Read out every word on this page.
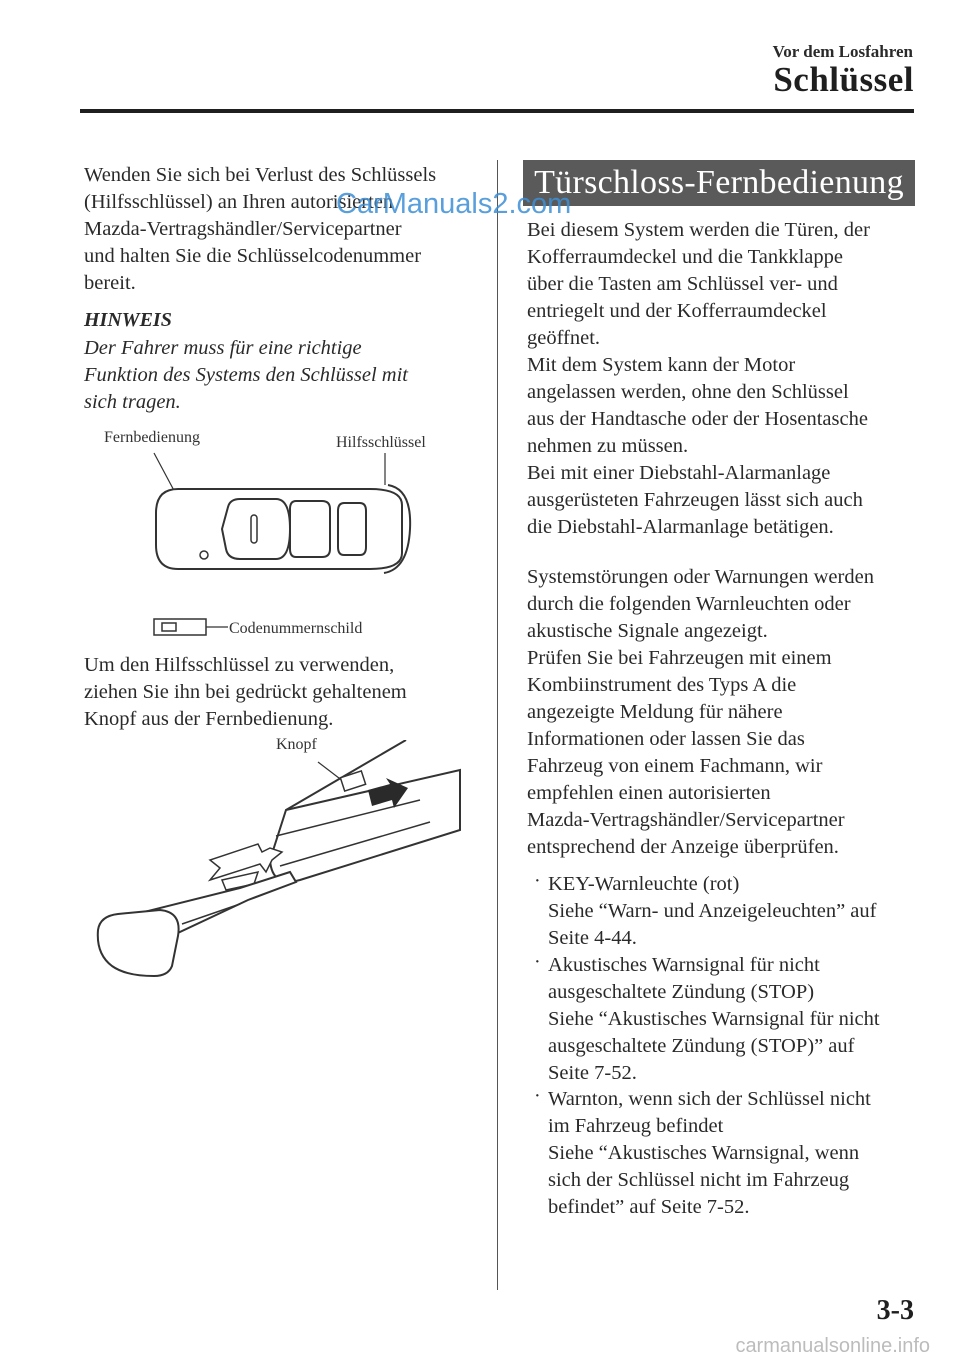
Vor dem Losfahren
Schlüssel
Wenden Sie sich bei Verlust des Schlüssels
(Hilfsschlüssel) an Ihren autorisierten
Mazda-Vertragshändler/Servicepartner
und halten Sie die Schlüsselcodenummer
bereit.
HINWEIS
Der Fahrer muss für eine richtige
Funktion des Systems den Schlüssel mit
sich tragen.
Fernbedienung	Hilfsschlüssel
Codenummernschild
Um den Hilfsschlüssel zu verwenden,
ziehen Sie ihn bei gedrückt gehaltenem
Knopf aus der Fernbedienung.
Knopf
Türschloss-Fernbedienung
CarManuals2.com
Bei diesem System werden die Türen, der
Kofferraumdeckel und die Tankklappe
über die Tasten am Schlüssel ver- und
entriegelt und der Kofferraumdeckel
geöffnet.
Mit dem System kann der Motor
angelassen werden, ohne den Schlüssel
aus der Handtasche oder der Hosentasche
nehmen zu müssen.
Bei mit einer Diebstahl-Alarmanlage
ausgerüsteten Fahrzeugen lässt sich auch
die Diebstahl-Alarmanlage betätigen.
Systemstörungen oder Warnungen werden
durch die folgenden Warnleuchten oder
akustische Signale angezeigt.
Prüfen Sie bei Fahrzeugen mit einem
Kombiinstrument des Typs A die
angezeigte Meldung für nähere
Informationen oder lassen Sie das
Fahrzeug von einem Fachmann, wir
empfehlen einen autorisierten
Mazda-Vertragshändler/Servicepartner
entsprechend der Anzeige überprüfen.
· KEY-Warnleuchte (rot)
Siehe “Warn- und Anzeigeleuchten” auf
Seite 4-44.
· Akustisches Warnsignal für nicht
ausgeschaltete Zündung (STOP)
Siehe “Akustisches Warnsignal für nicht
ausgeschaltete Zündung (STOP)” auf
Seite 7-52.
· Warnton, wenn sich der Schlüssel nicht
im Fahrzeug befindet
Siehe “Akustisches Warnsignal, wenn
sich der Schlüssel nicht im Fahrzeug
befindet” auf Seite 7-52.
3-3
carmanualsonline.info
